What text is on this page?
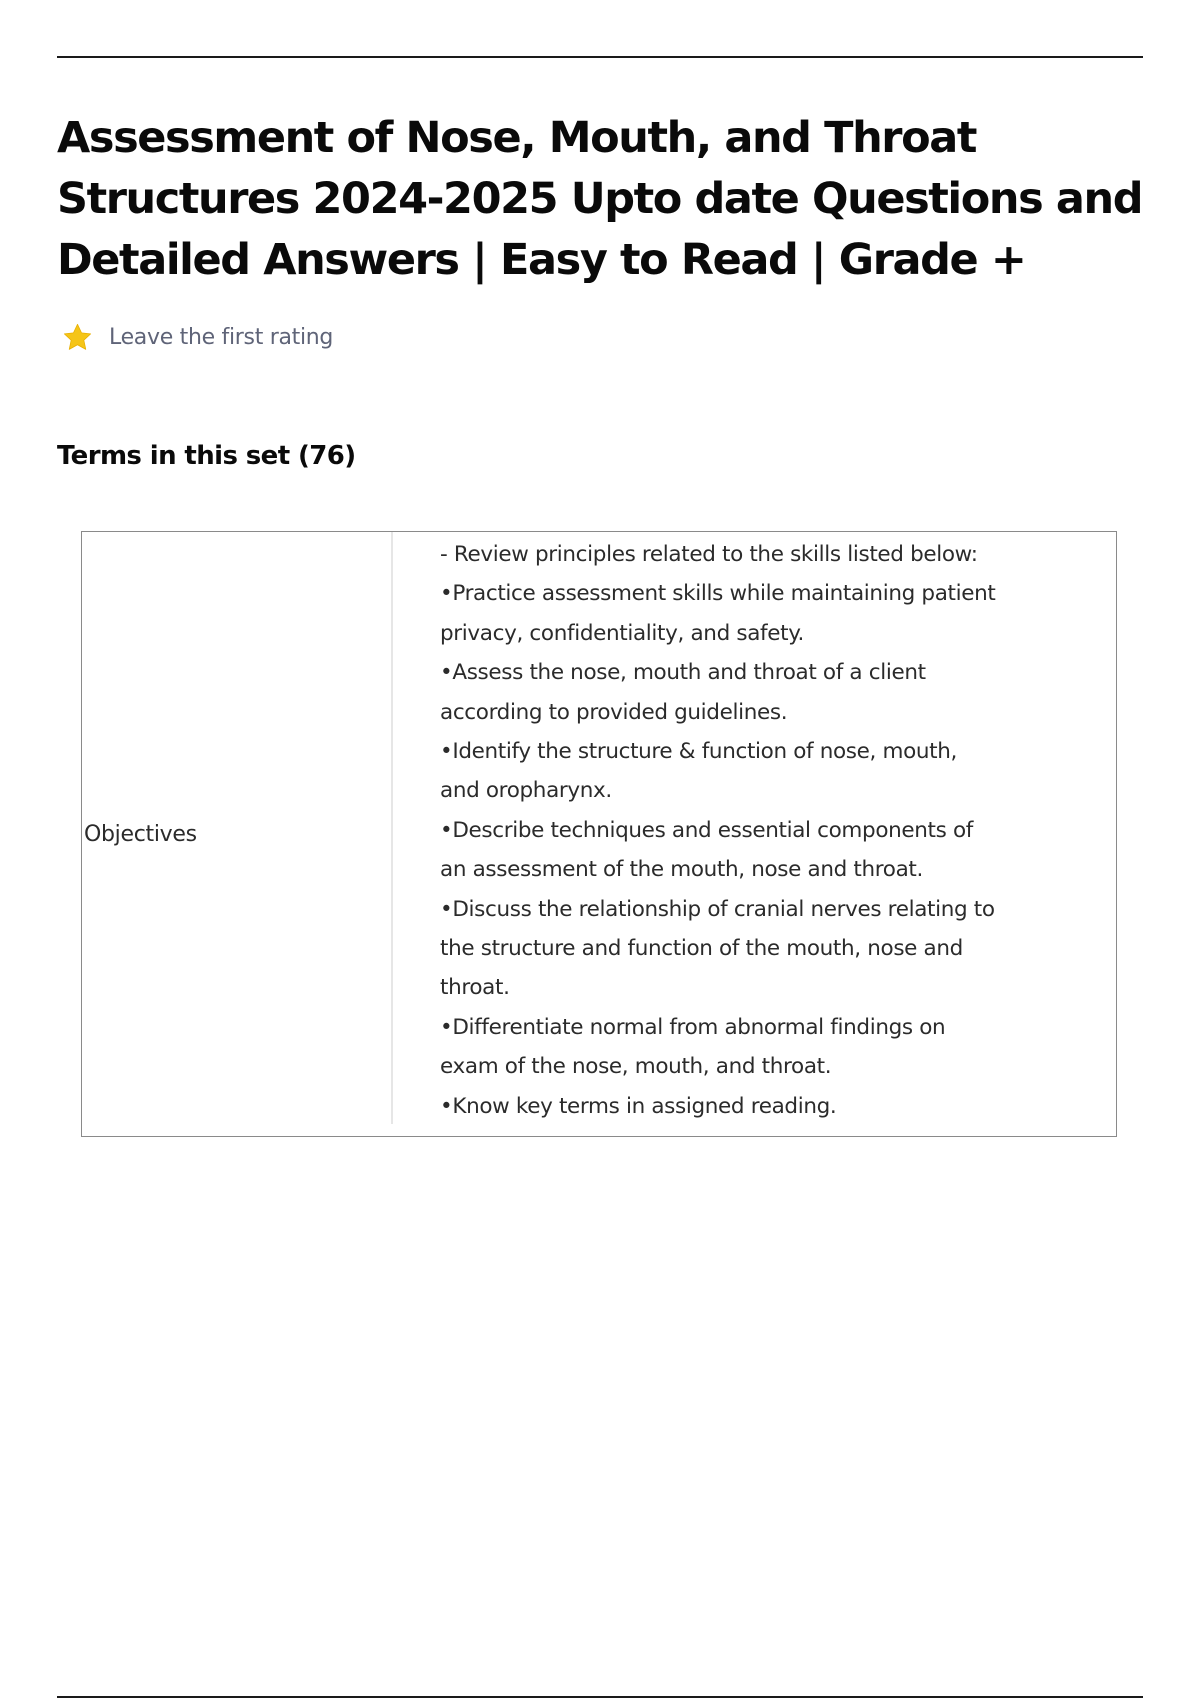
Assessment of Nose, Mouth, and Throat
Structures 2024-2025 Upto date Questions and
Detailed Answers | Easy to Read | Grade +
Leave the first rating
Terms in this set (76)
Objectives
- Review principles related to the skills listed below:
•Practice assessment skills while maintaining patient
privacy, confidentiality, and safety.
•Assess the nose, mouth and throat of a client
according to provided guidelines.
•Identify the structure & function of nose, mouth,
and oropharynx.
•Describe techniques and essential components of
an assessment of the mouth, nose and throat.
•Discuss the relationship of cranial nerves relating to
the structure and function of the mouth, nose and
throat.
•Differentiate normal from abnormal findings on
exam of the nose, mouth, and throat.
•Know key terms in assigned reading.
